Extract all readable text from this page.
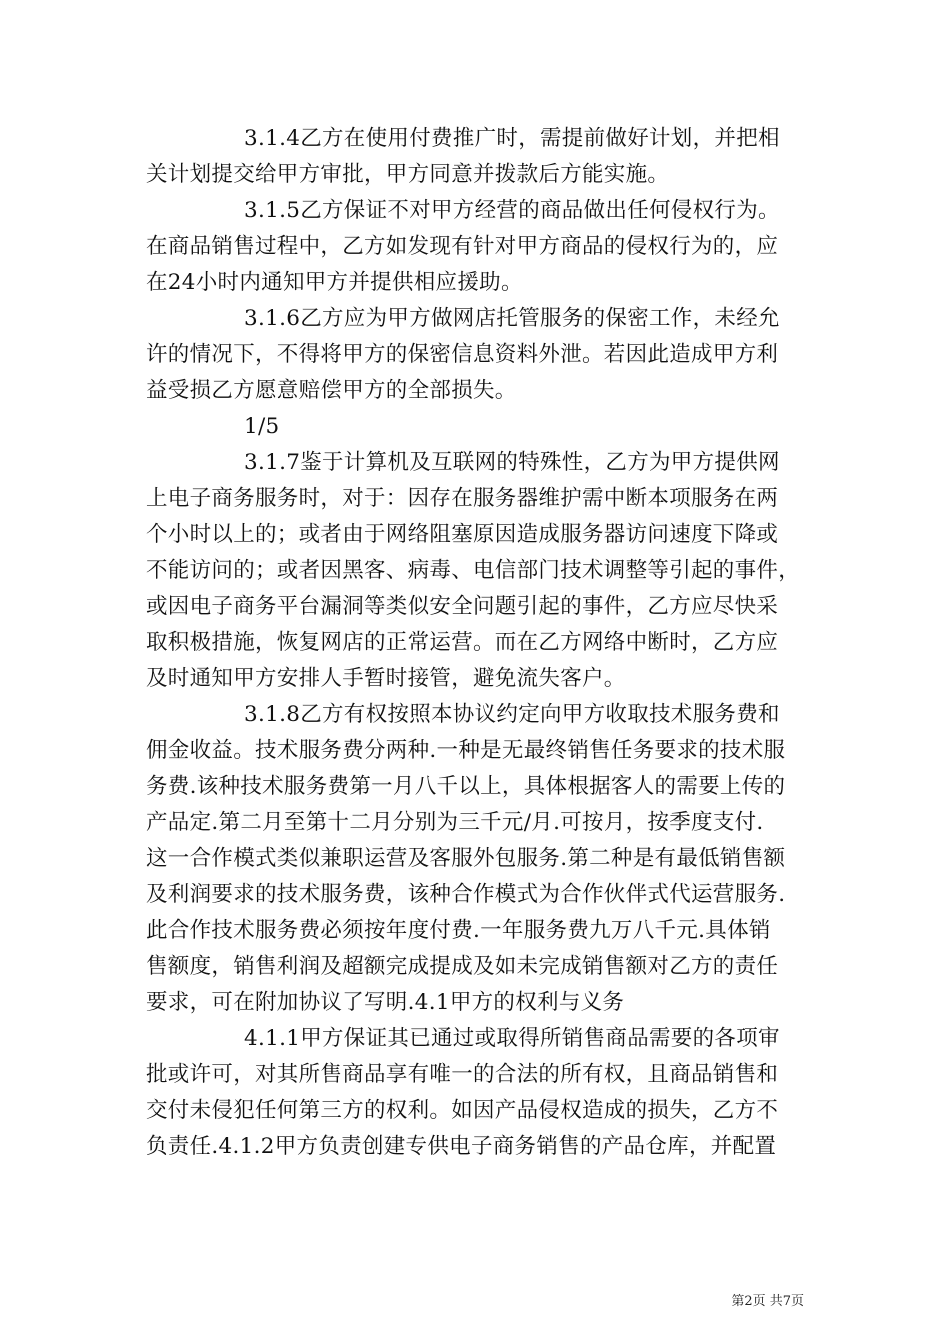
3.1.4乙方在使用付费推广时，需提前做好计划，并把相
关计划提交给甲方审批，甲方同意并拨款后方能实施。
3.1.5乙方保证不对甲方经营的商品做出任何侵权行为。
在商品销售过程中，乙方如发现有针对甲方商品的侵权行为的，应
在24小时内通知甲方并提供相应援助。
3.1.6乙方应为甲方做网店托管服务的保密工作，未经允
许的情况下，不得将甲方的保密信息资料外泄。若因此造成甲方利
益受损乙方愿意赔偿甲方的全部损失。
1/5
3.1.7鉴于计算机及互联网的特殊性，乙方为甲方提供网
上电子商务服务时，对于：因存在服务器维护需中断本项服务在两
个小时以上的；或者由于网络阻塞原因造成服务器访问速度下降或
不能访问的；或者因黑客、病毒、电信部门技术调整等引起的事件，
或因电子商务平台漏洞等类似安全问题引起的事件，乙方应尽快采
取积极措施，恢复网店的正常运营。而在乙方网络中断时，乙方应
及时通知甲方安排人手暂时接管，避免流失客户。
3.1.8乙方有权按照本协议约定向甲方收取技术服务费和
佣金收益。技术服务费分两种.一种是无最终销售任务要求的技术服
务费.该种技术服务费第一月八千以上，具体根据客人的需要上传的
产品定.第二月至第十二月分别为三千元/月.可按月，按季度支付.
这一合作模式类似兼职运营及客服外包服务.第二种是有最低销售额
及利润要求的技术服务费，该种合作模式为合作伙伴式代运营服务.
此合作技术服务费必须按年度付费.一年服务费九万八千元.具体销
售额度，销售利润及超额完成提成及如未完成销售额对乙方的责任
要求，可在附加协议了写明.4.1甲方的权利与义务
4.1.1甲方保证其已通过或取得所销售商品需要的各项审
批或许可，对其所售商品享有唯一的合法的所有权，且商品销售和
交付未侵犯任何第三方的权利。如因产品侵权造成的损失，乙方不
负责任.4.1.2甲方负责创建专供电子商务销售的产品仓库，并配置
第2页 共7页
